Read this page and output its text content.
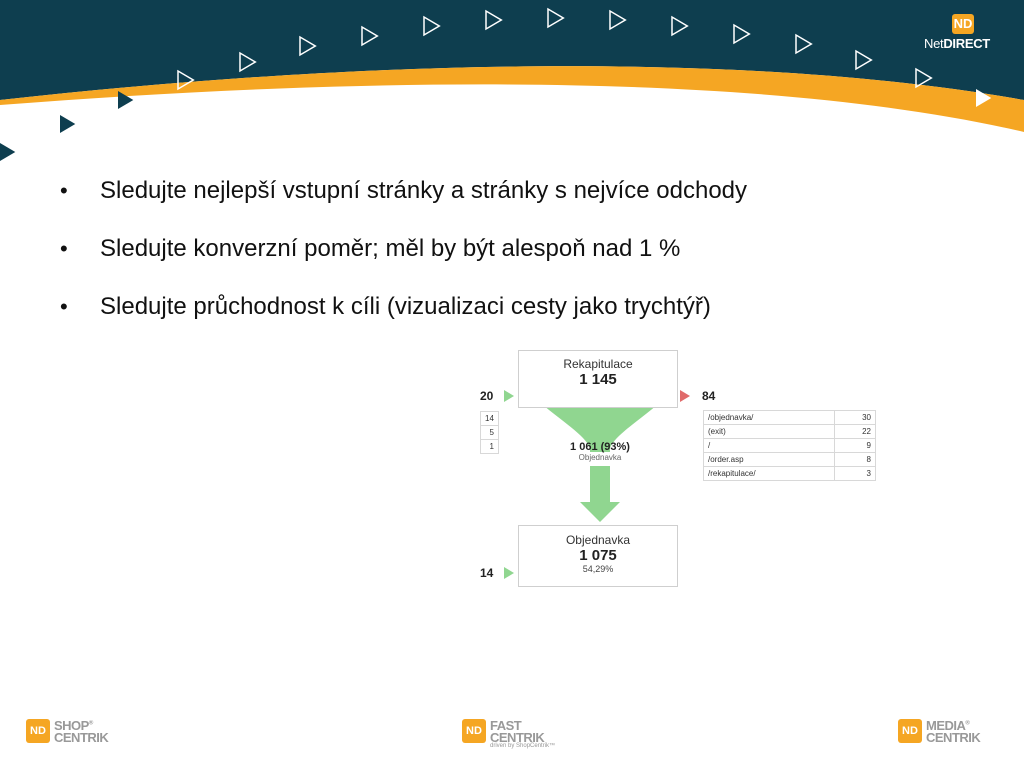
ND
NetDIRECT
• Sledujte nejlepší vstupní stránky a stránky s nejvíce odchody
• Sledujte konverzní poměr; měl by být alespoň nad 1 %
• Sledujte průchodnost k cíli (vizualizaci cesty jako trychtýř)
Rekapitulace
1 145
20	84
14
5
1
/objednavka/	30
(exit)	22
/	9
/order.asp	8
/rekapitulace/	3
1 061 (93%)
Objednavka
Objednavka
1 075
54,29%
14
ND SHOP®
CENTRIK	ND FAST
CENTRIK
driven by ShopCentrik™
ND MEDIA®
CENTRIK
